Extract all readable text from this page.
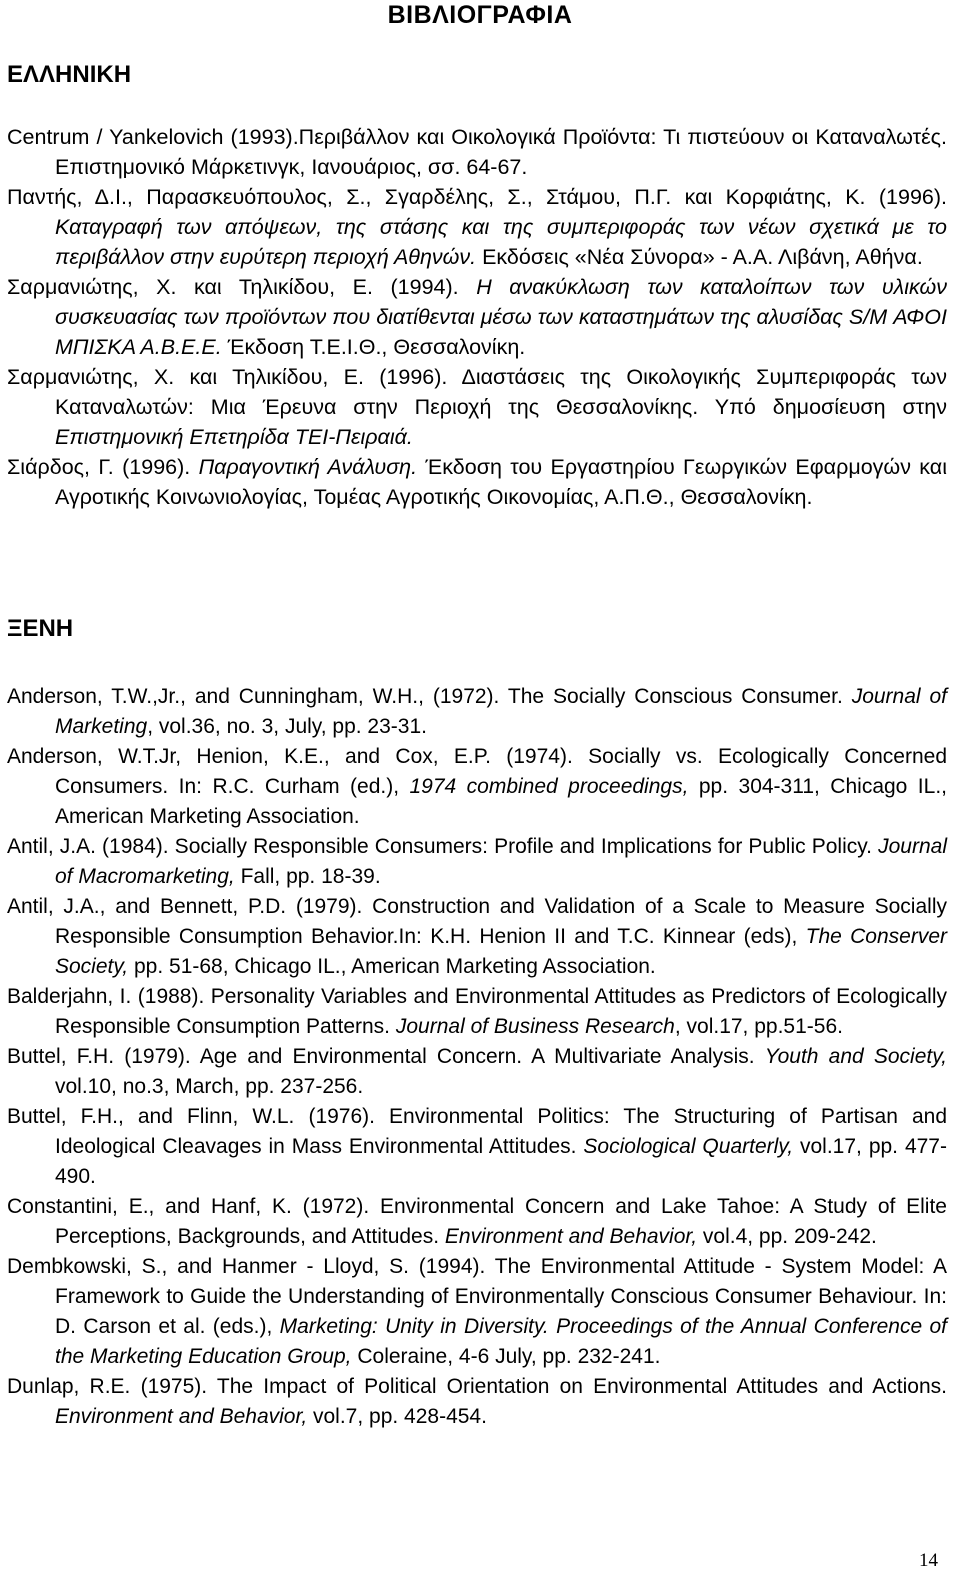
ΒΙΒΛΙΟΓΡΑΦΙΑ
ΕΛΛΗΝΙΚΗ
Centrum / Yankelovich (1993).Περιβάλλον και Οικολογικά Προϊόντα: Τι πιστεύουν οι Καταναλωτές. Επιστημονικό Μάρκετινγκ, Ιανουάριος, σσ. 64-67.
Παντής, Δ.Ι., Παρασκευόπουλος, Σ., Σγαρδέλης, Σ., Στάμου, Π.Γ. και Κορφιάτης, Κ. (1996). Καταγραφή των απόψεων, της στάσης και της συμπεριφοράς των νέων σχετικά με το περιβάλλον στην ευρύτερη περιοχή Αθηνών. Εκδόσεις «Νέα Σύνορα» - Α.Α. Λιβάνη, Αθήνα.
Σαρμανιώτης, Χ. και Τηλικίδου, Ε. (1994). Η ανακύκλωση των καταλοίπων των υλικών συσκευασίας των προϊόντων που διατίθενται μέσω των καταστημάτων της αλυσίδας S/M ΑΦΟΙ ΜΠΙΣΚΑ Α.Β.Ε.Ε. Έκδοση Τ.Ε.Ι.Θ., Θεσσαλονίκη.
Σαρμανιώτης, Χ. και Τηλικίδου, Ε. (1996). Διαστάσεις της Οικολογικής Συμπεριφοράς των Καταναλωτών: Μια Έρευνα στην Περιοχή της Θεσσαλονίκης. Υπό δημοσίευση στην Επιστημονική Επετηρίδα ΤΕΙ-Πειραιά.
Σιάρδος, Γ. (1996). Παραγοντική Ανάλυση. Έκδοση του Εργαστηρίου Γεωργικών Εφαρμογών και Αγροτικής Κοινωνιολογίας, Τομέας Αγροτικής Οικονομίας, Α.Π.Θ., Θεσσαλονίκη.
ΞΕΝΗ
Anderson, T.W.,Jr., and Cunningham, W.H., (1972). The Socially Conscious Consumer. Journal of Marketing, vol.36, no. 3, July, pp. 23-31.
Anderson, W.T.Jr, Henion, K.E., and Cox, E.P. (1974). Socially vs. Ecologically Concerned Consumers. In: R.C. Curham (ed.), 1974 combined proceedings, pp. 304-311, Chicago IL., American Marketing Association.
Antil, J.A. (1984). Socially Responsible Consumers: Profile and Implications for Public Policy. Journal of Macromarketing, Fall, pp. 18-39.
Antil, J.A., and Bennett, P.D. (1979). Construction and Validation of a Scale to Measure Socially Responsible Consumption Behavior.In: K.H. Henion II and T.C. Kinnear (eds), The Conserver Society, pp. 51-68, Chicago IL., American Marketing Association.
Balderjahn, I. (1988). Personality Variables and Environmental Attitudes as Predictors of Ecologically Responsible Consumption Patterns. Journal of Business Research, vol.17, pp.51-56.
Buttel, F.H. (1979). Age and Environmental Concern. A Multivariate Analysis. Youth and Society, vol.10, no.3, March, pp. 237-256.
Buttel, F.H., and Flinn, W.L. (1976). Environmental Politics: The Structuring of Partisan and Ideological Cleavages in Mass Environmental Attitudes. Sociological Quarterly, vol.17, pp. 477-490.
Constantini, E., and Hanf, K. (1972). Environmental Concern and Lake Tahoe: A Study of Elite Perceptions, Backgrounds, and Attitudes. Environment and Behavior, vol.4, pp. 209-242.
Dembkowski, S., and Hanmer - Lloyd, S. (1994). The Environmental Attitude - System Model: A Framework to Guide the Understanding of Environmentally Conscious Consumer Behaviour. In: D. Carson et al. (eds.), Marketing: Unity in Diversity. Proceedings of the Annual Conference of the Marketing Education Group, Coleraine, 4-6 July, pp. 232-241.
Dunlap, R.E. (1975). The Impact of Political Orientation on Environmental Attitudes and Actions. Environment and Behavior, vol.7, pp. 428-454.
14
